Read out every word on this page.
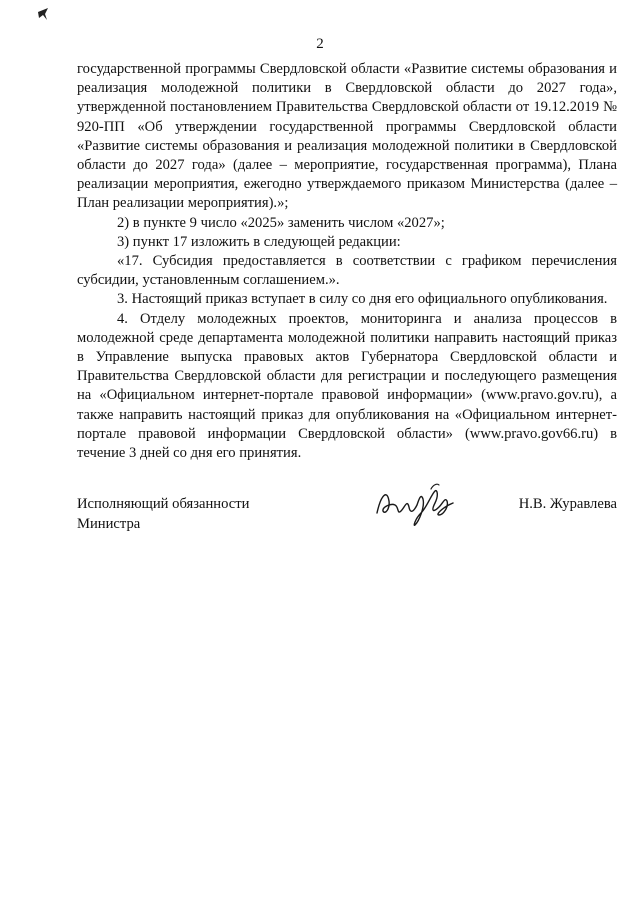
2

государственной программы Свердловской области «Развитие системы образования и реализация молодежной политики в Свердловской области до 2027 года», утвержденной постановлением Правительства Свердловской области от 19.12.2019 № 920-ПП «Об утверждении государственной программы Свердловской области «Развитие системы образования и реализация молодежной политики в Свердловской области до 2027 года» (далее – мероприятие, государственная программа), Плана реализации мероприятия, ежегодно утверждаемого приказом Министерства (далее – План реализации мероприятия).»;

2) в пункте 9 число «2025» заменить числом «2027»;

3) пункт 17 изложить в следующей редакции:

«17. Субсидия предоставляется в соответствии с графиком перечисления субсидии, установленным соглашением.».

3. Настоящий приказ вступает в силу со дня его официального опубликования.

4. Отделу молодежных проектов, мониторинга и анализа процессов в молодежной среде департамента молодежной политики направить настоящий приказ в Управление выпуска правовых актов Губернатора Свердловской области и Правительства Свердловской области для регистрации и последующего размещения на «Официальном интернет-портале правовой информации» (www.pravo.gov.ru), а также направить настоящий приказ для опубликования на «Официальном интернет-портале правовой информации Свердловской области» (www.pravo.gov66.ru) в течение 3 дней со дня его принятия.

Исполняющий обязанности
Министра
Н.В. Журавлева
